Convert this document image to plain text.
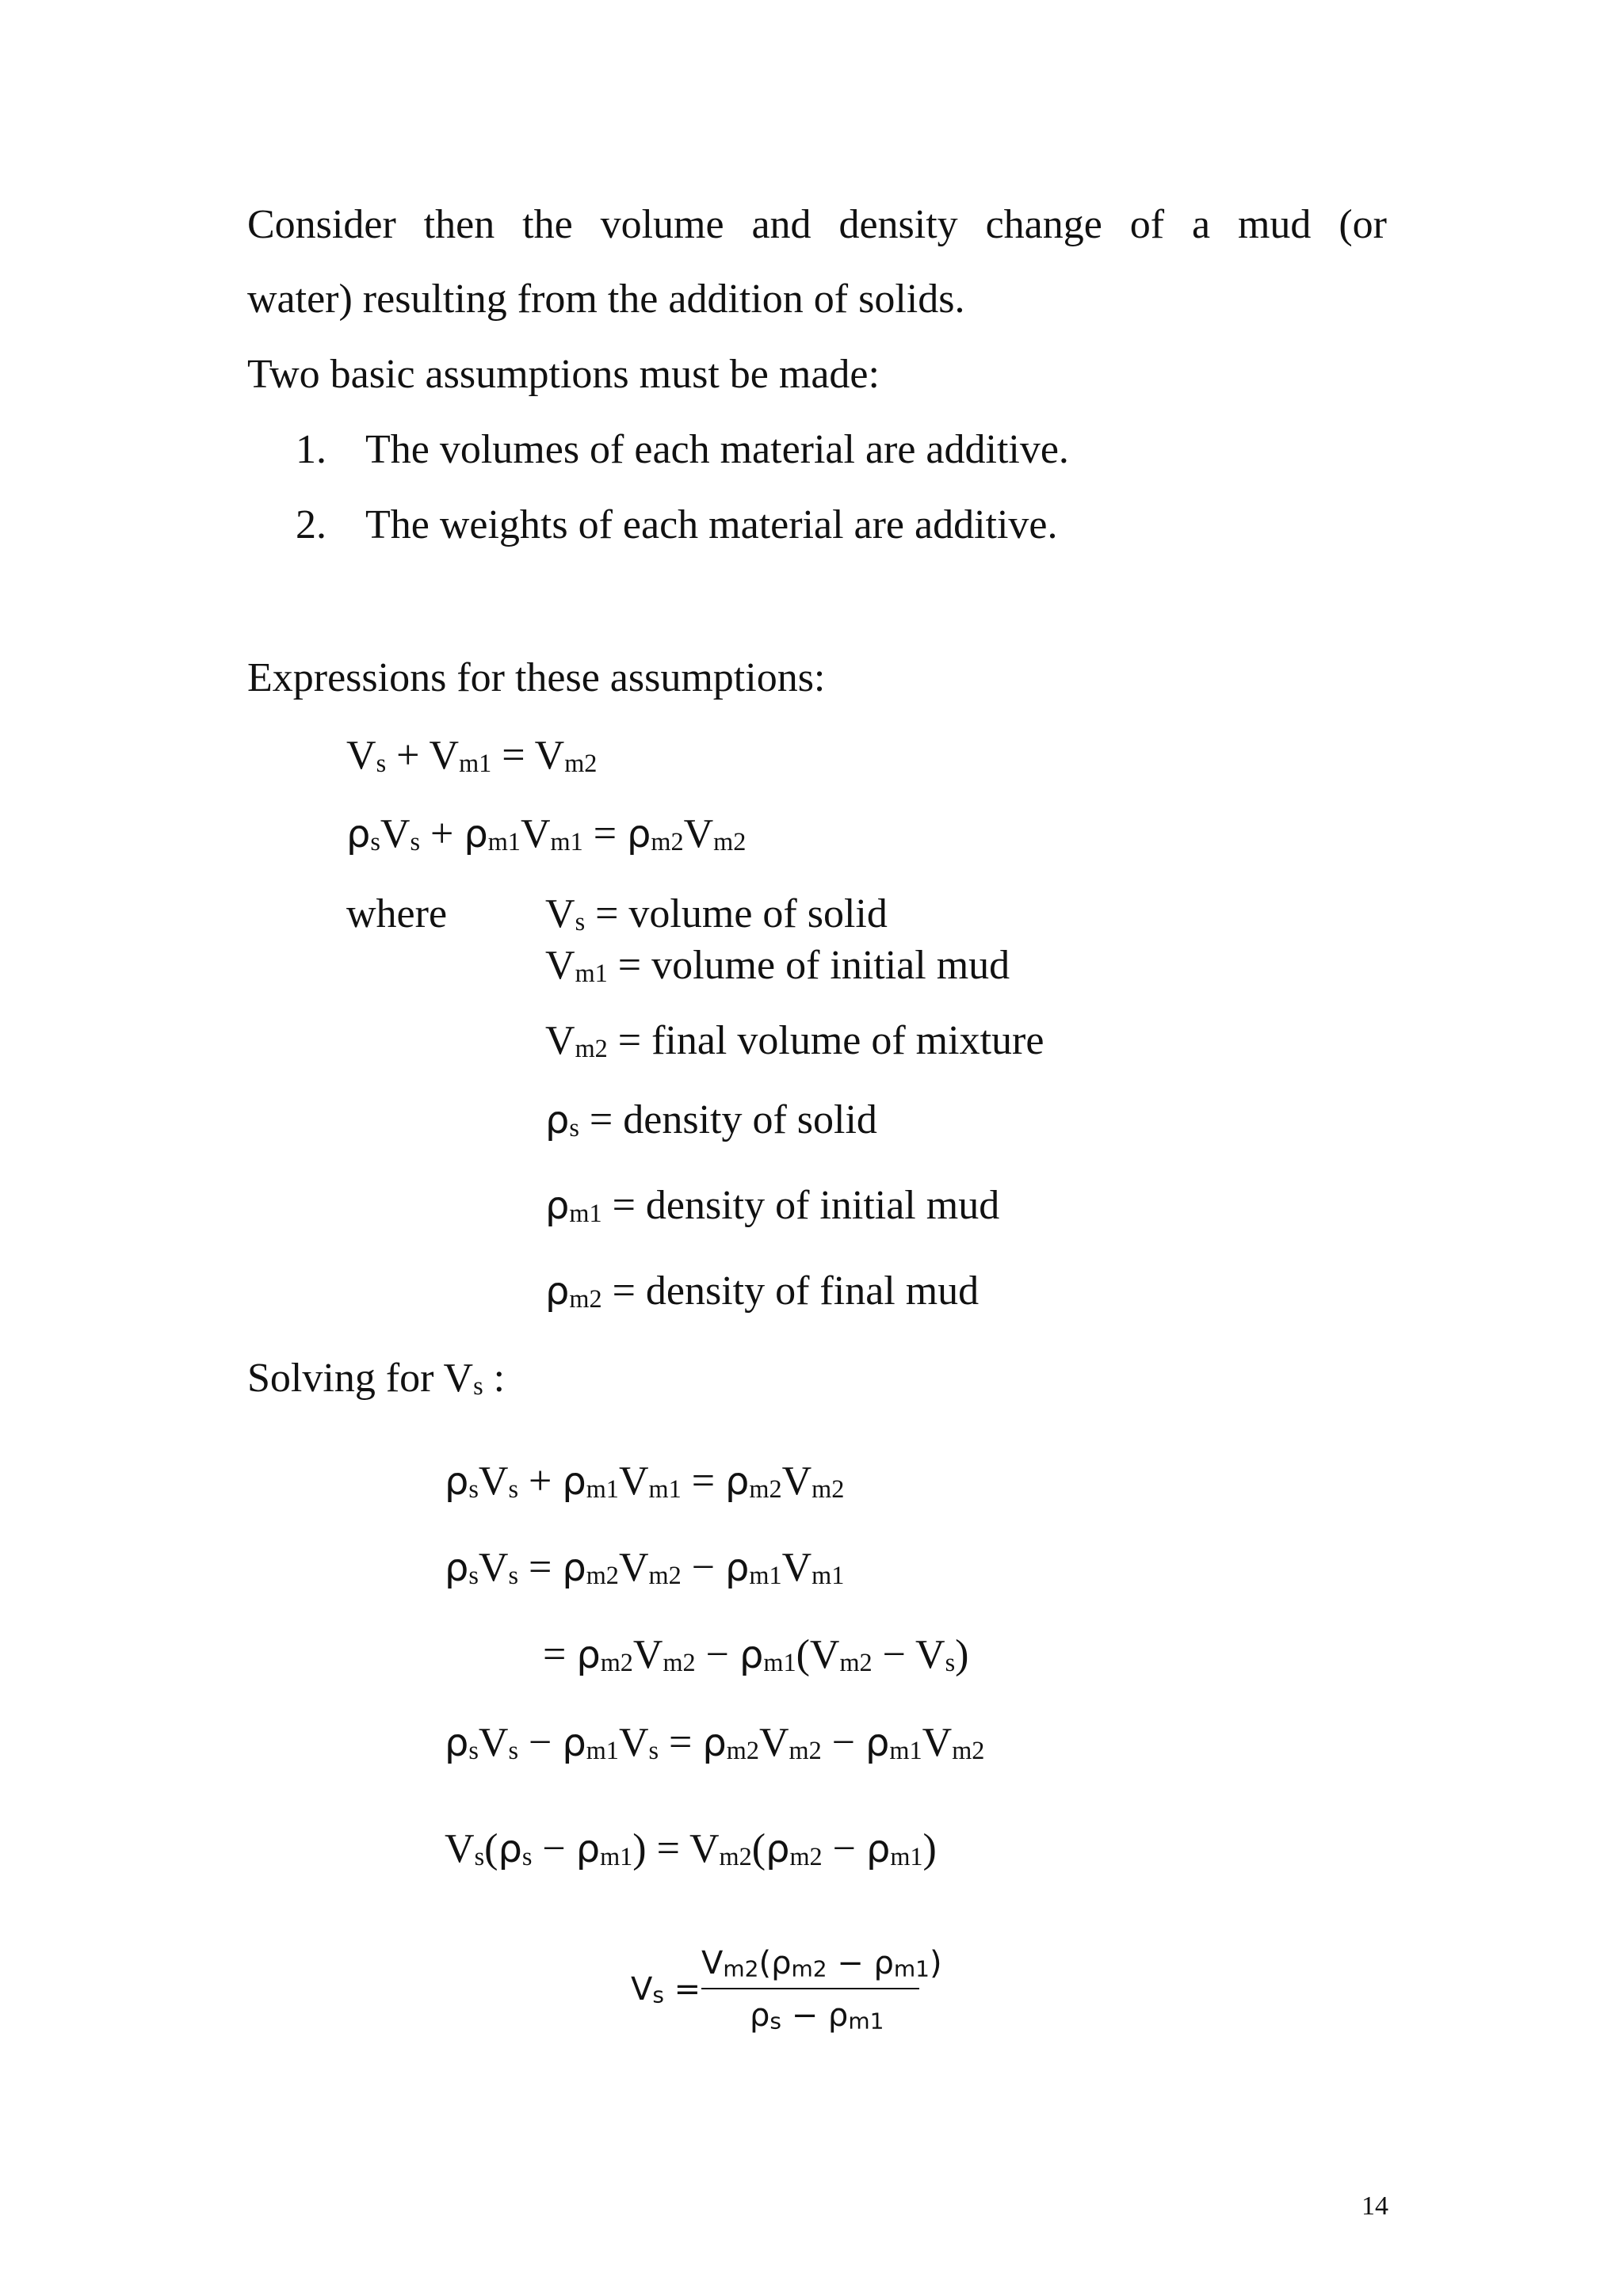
Consider then the volume and density change of a mud (or
water) resulting from the addition of solids.
Two basic assumptions must be made:
1. The volumes of each material are additive.
2. The weights of each material are additive.
Expressions for these assumptions:
$V_s + V_{m1} = V_{m2}$
$\rho_sV_s + \rho_{m1}V_{m1} = \rho_{m2}V_{m2}$
where $V_s$ = volume of solid
$V_{m1}$ = volume of initial mud
$V_{m2}$ = final volume of mixture
$\rho_s$ = density of solid
$\rho_{m1}$ = density of initial mud
$\rho_{m2}$ = density of final mud
Solving for $V_s$ :
$\rho_sV_s + \rho_{m1}V_{m1} = \rho_{m2}V_{m2}$
$\rho_sV_s = \rho_{m2}V_{m2} - \rho_{m1}V_{m1}$
= $\rho_{m2}V_{m2} - \rho_{m1}(V_{m2} - V_s)$
$\rho_sV_s - \rho_{m1}V_s = \rho_{m2}V_{m2} - \rho_{m1}V_{m2}$
$V_s(\rho_s - \rho_{m1}) = V_{m2}(\rho_{m2} - \rho_{m1})$
$V_s$ =
$V_{m2}(\rho_{m2} - \rho_{m1})$
$\rho_s - \rho_{m1}$
14
